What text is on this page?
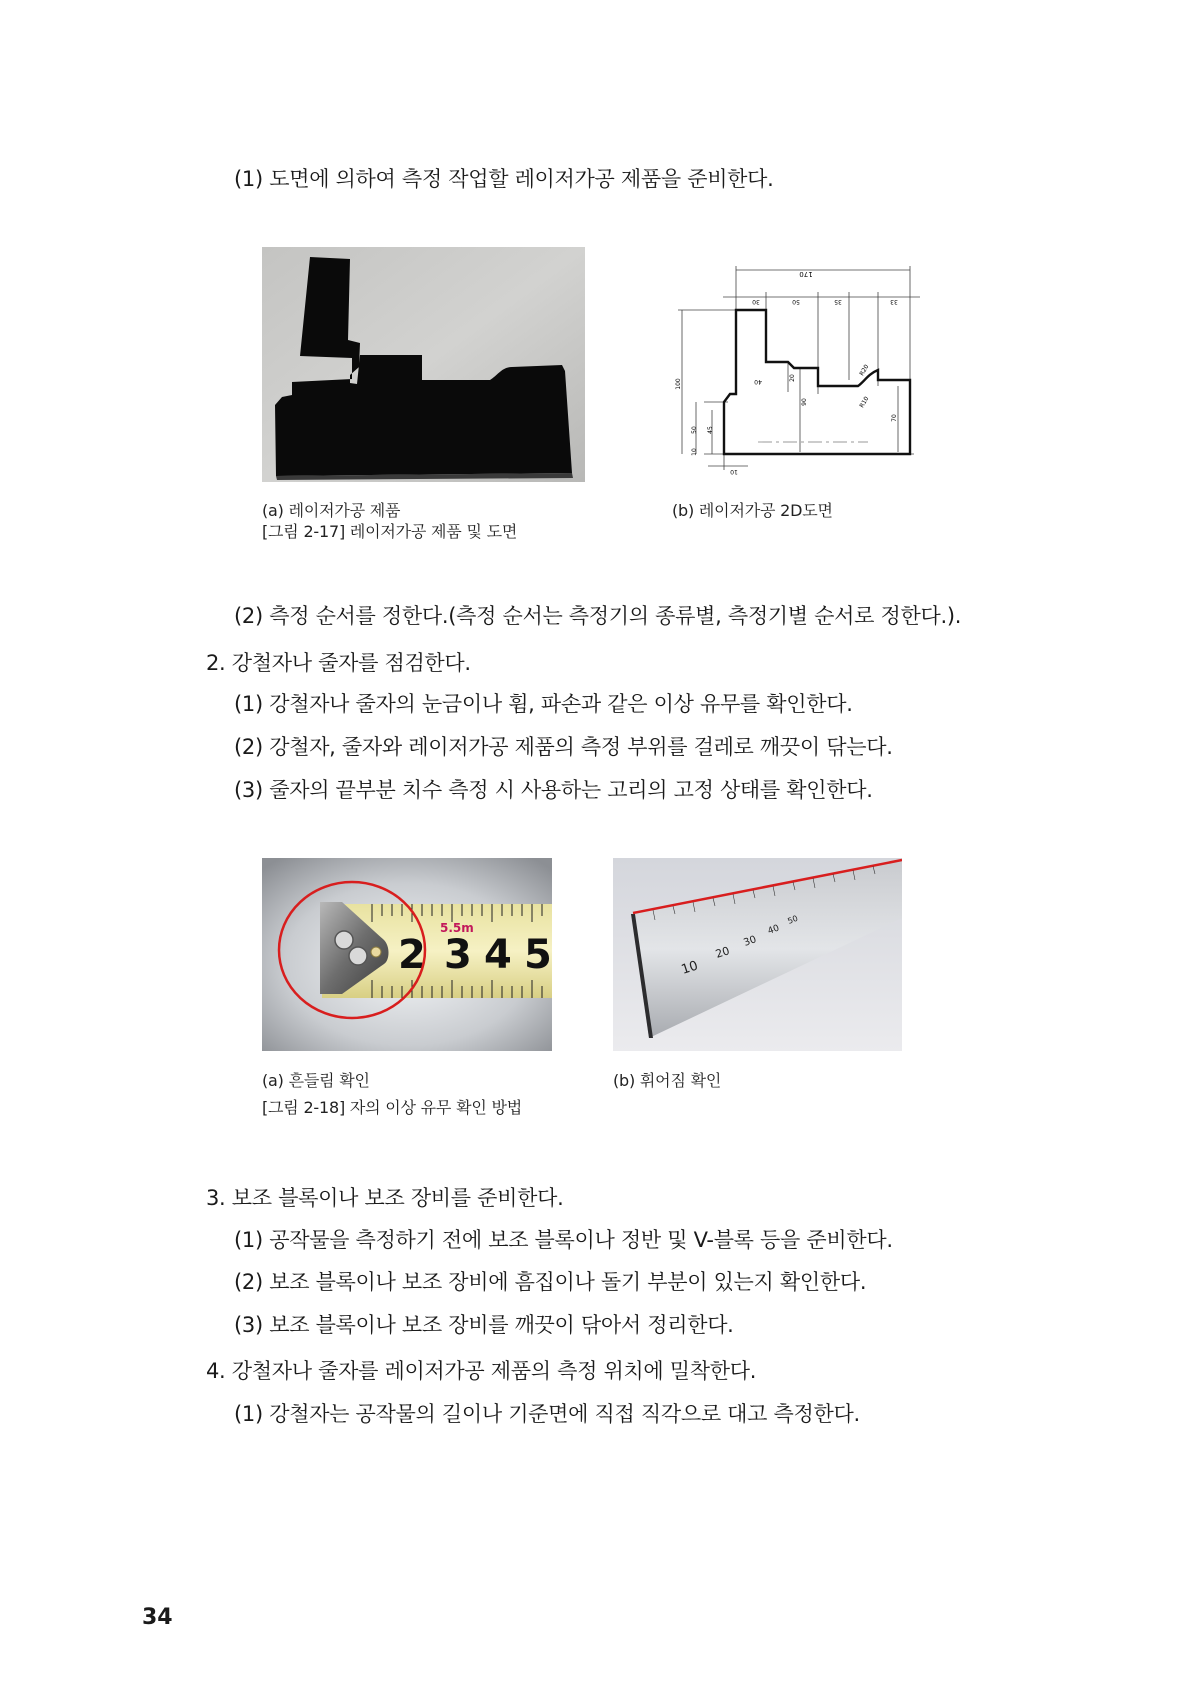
(1) 도면에 의하여 측정 작업할 레이저가공 제품을 준비한다.
170
30	50	35	33
100	40	20
90
R20
R10
70
50 45
10
10
(a) 레이저가공 제품	(b) 레이저가공 2D도면
[그림 2-17] 레이저가공 제품 및 도면
(2) 측정 순서를 정한다.(측정 순서는 측정기의 종류별, 측정기별 순서로 정한다.).
2. 강철자나 줄자를 점검한다.
(1) 강철자나 줄자의 눈금이나 휨, 파손과 같은 이상 유무를 확인한다.
(2) 강철자, 줄자와 레이저가공 제품의 측정 부위를 걸레로 깨끗이 닦는다.
(3) 줄자의 끝부분 치수 측정 시 사용하는 고리의 고정 상태를 확인한다.
5.5m
2 3 4 5	10
20
30
40
50
(a) 흔들림 확인	(b) 휘어짐 확인
[그림 2-18] 자의 이상 유무 확인 방법
3. 보조 블록이나 보조 장비를 준비한다.
(1) 공작물을 측정하기 전에 보조 블록이나 정반 및 V-블록 등을 준비한다.
(2) 보조 블록이나 보조 장비에 흠집이나 돌기 부분이 있는지 확인한다.
(3) 보조 블록이나 보조 장비를 깨끗이 닦아서 정리한다.
4. 강철자나 줄자를 레이저가공 제품의 측정 위치에 밀착한다.
(1) 강철자는 공작물의 길이나 기준면에 직접 직각으로 대고 측정한다.
34
